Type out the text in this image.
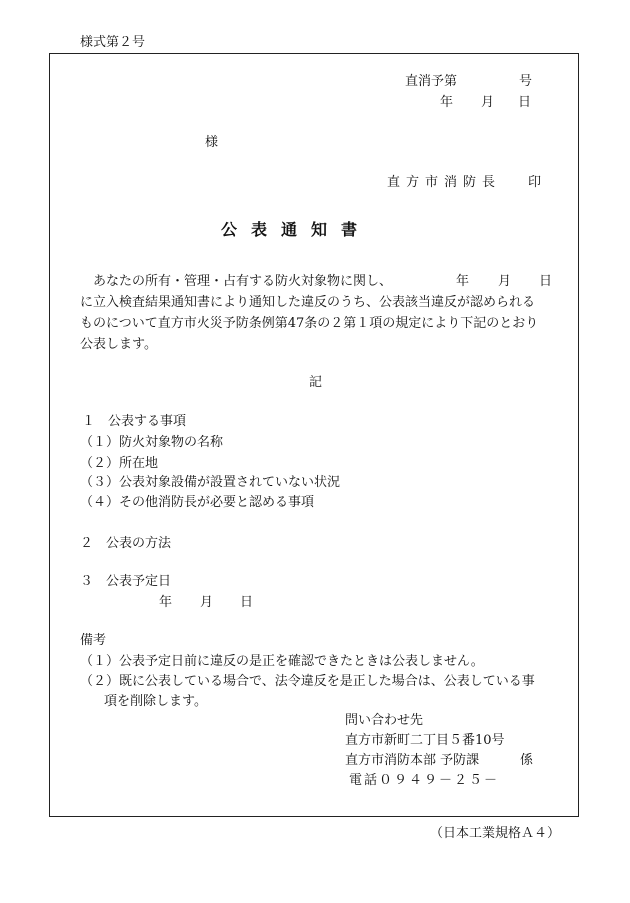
様式第２号
直消予第	号
年 月 日
様
直方市消防長 印
公表通知書
あなたの所有・管理・占有する防火対象物に関し、	年 月 日
に立入検査結果通知書により通知した違反のうち、公表該当違反が認められる
ものについて直方市火災予防条例第47条の２第１項の規定により下記のとおり
公表します。
記
１　公表する事項
（１）防火対象物の名称
（２）所在地
（３）公表対象設備が設置されていない状況
（４）その他消防長が必要と認める事項
２　公表の方法
３　公表予定日
年 月 日
備考
（１）公表予定日前に違反の是正を確認できたときは公表しません。
（２）既に公表している場合で、法令違反を是正した場合は、公表している事
項を削除します。
問い合わせ先
直方市新町二丁目５番10号
直方市消防本部 予防課	係
電話０９４９－２５－
（日本工業規格Ａ４）
